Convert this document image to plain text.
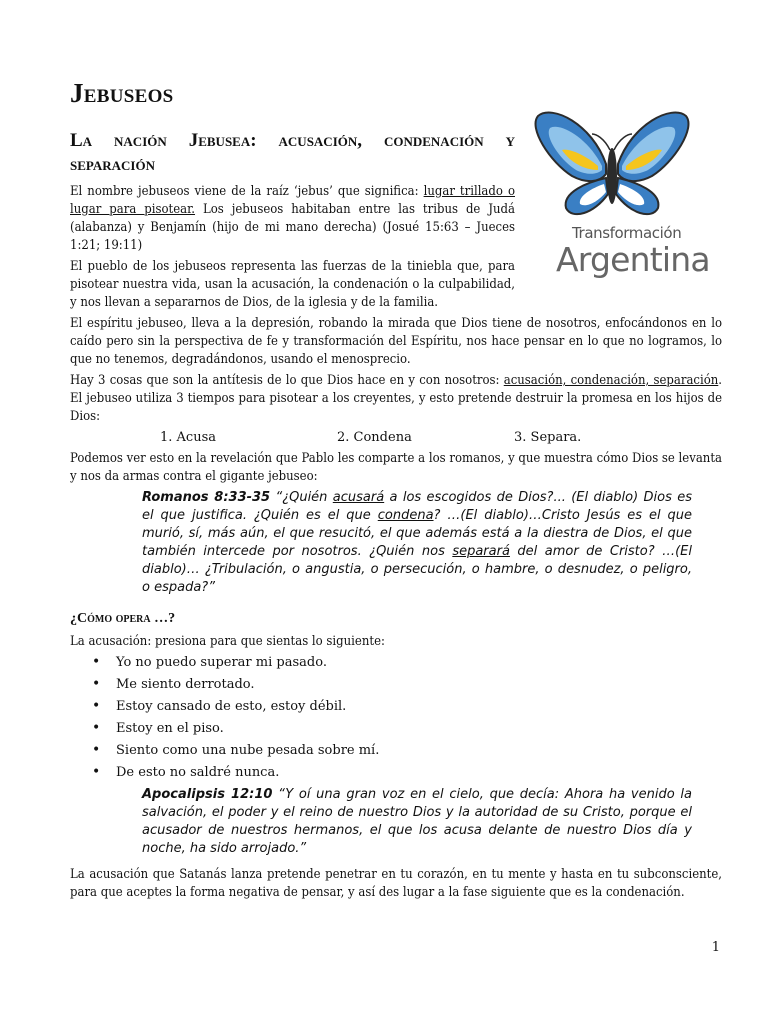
Transformación
Argentina
Jebuseos
La nación Jebusea: acusación, condenación y separación

El nombre jebuseos viene de la raíz ‘jebus’ que significa: lugar trillado o lugar para pisotear. Los jebuseos habitaban entre las tribus de Judá (alabanza) y Benjamín (hijo de mi mano derecha) (Josué 15:63 – Jueces 1:21; 19:11)

El pueblo de los jebuseos representa las fuerzas de la tiniebla que, para pisotear nuestra vida, usan la acusación, la condenación o la culpabilidad, y nos llevan a separarnos de Dios, de la iglesia y de la familia.

El espíritu jebuseo, lleva a la depresión, robando la mirada que Dios tiene de nosotros, enfocándonos en lo caído pero sin la perspectiva de fe y transformación del Espíritu, nos hace pensar en lo que no logramos, lo que no tenemos, degradándonos, usando el menosprecio.

Hay 3 cosas que son la antítesis de lo que Dios hace en y con nosotros: acusación, condenación, separación. El jebuseo utiliza 3 tiempos para pisotear a los creyentes, y esto pretende destruir la promesa en los hijos de Dios:

1. Acusa	2. Condena	3. Separa.

Podemos ver esto en la revelación que Pablo les comparte a los romanos, y que muestra cómo Dios se levanta y nos da armas contra el gigante jebuseo:

Romanos 8:33-35 “¿Quién acusará a los escogidos de Dios?... (El diablo) Dios es el que justifica. ¿Quién es el que condena? …(El diablo)…Cristo Jesús es el que murió, sí, más aún, el que resucitó, el que además está a la diestra de Dios, el que también intercede por nosotros. ¿Quién nos separará del amor de Cristo? …(El diablo)… ¿Tribulación, o angustia, o persecución, o hambre, o desnudez, o peligro, o espada?”
¿Cómo opera …?

La acusación: presiona para que sientas lo siguiente:

• Yo no puedo superar mi pasado.
• Me siento derrotado.
• Estoy cansado de esto, estoy débil.
• Estoy en el piso.
• Siento como una nube pesada sobre mí.
• De esto no saldré nunca.
Apocalipsis 12:10 “Y oí una gran voz en el cielo, que decía: Ahora ha venido la salvación, el poder y el reino de nuestro Dios y la autoridad de su Cristo, porque el acusador de nuestros hermanos, el que los acusa delante de nuestro Dios día y noche, ha sido arrojado.”

La acusación que Satanás lanza pretende penetrar en tu corazón, en tu mente y hasta en tu subconsciente, para que aceptes la forma negativa de pensar, y así des lugar a la fase siguiente que es la condenación.

1
